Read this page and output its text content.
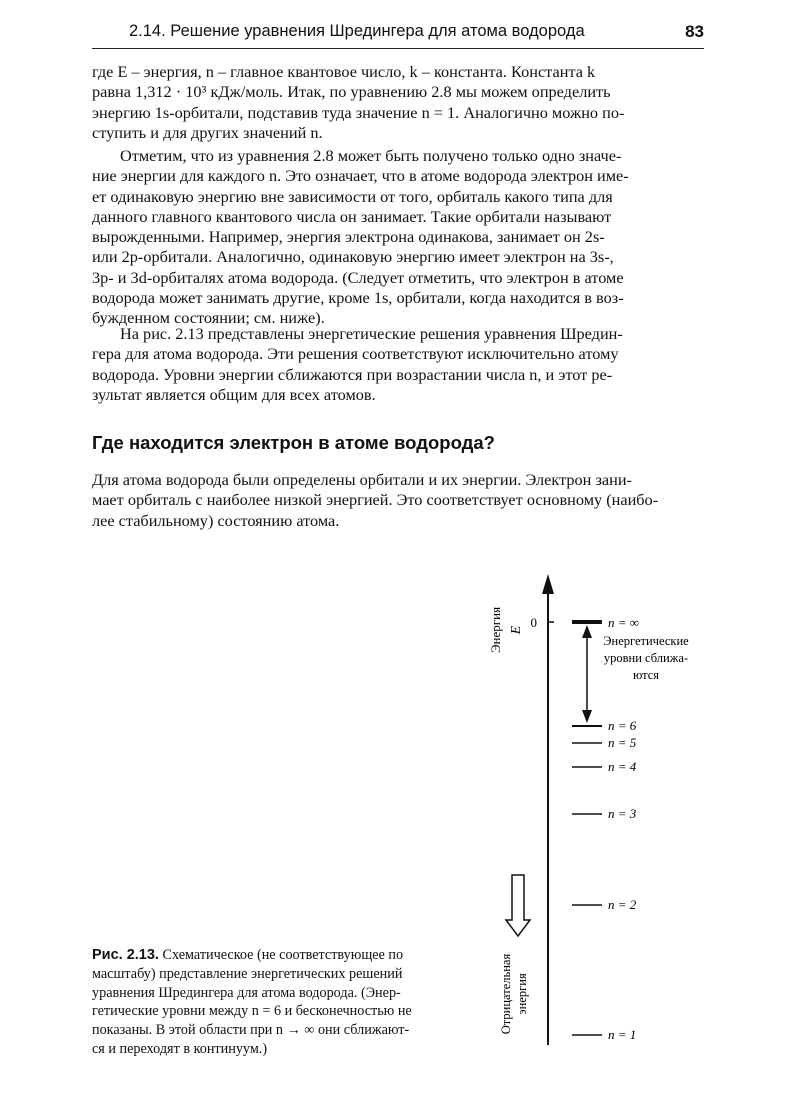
2.14. Решение уравнения Шредингера для атома водорода	83

где E – энергия, n – главное квантовое число, k – константа. Константа k

равна 1,312 · 10³ кДж/моль. Итак, по уравнению 2.8 мы можем определить

энергию 1s-орбитали, подставив туда значение n = 1. Аналогично можно по-

ступить и для других значений n.

Отметим, что из уравнения 2.8 может быть получено только одно значе-

ние энергии для каждого n. Это означает, что в атоме водорода электрон име-

ет одинаковую энергию вне зависимости от того, орбиталь какого типа для

данного главного квантового числа он занимает. Такие орбитали называют

вырожденными. Например, энергия электрона одинакова, занимает он 2s-

или 2p-орбитали. Аналогично, одинаковую энергию имеет электрон на 3s-,

3p- и 3d-орбиталях атома водорода. (Следует отметить, что электрон в атоме

водорода может занимать другие, кроме 1s, орбитали, когда находится в воз-

бужденном состоянии; см. ниже).

На рис. 2.13 представлены энергетические решения уравнения Шредин-

гера для атома водорода. Эти решения соответствуют исключительно атому

водорода. Уровни энергии сближаются при возрастании числа n, и этот ре-

зультат является общим для всех атомов.

Где находится электрон в атоме водорода?

Для атома водорода были определены орбитали и их энергии. Электрон зани-

мает орбиталь с наиболее низкой энергией. Это соответствует основному (наибо-

лее стабильному) состоянию атома.

Энергия E 0	n = ∞
n = 6
n = 5
n = 4
n = 3
n = 2
n = 1
Энергетические
уровни сближа-
ются
Отрицательная энергия
Рис. 2.13. Схематическое (не соответствующее по
масштабу) представление энергетических решений
уравнения Шредингера для атома водорода. (Энер-
гетические уровни между n = 6 и бесконечностью не
показаны. В этой области при n → ∞ они сближают-
ся и переходят в континуум.)
